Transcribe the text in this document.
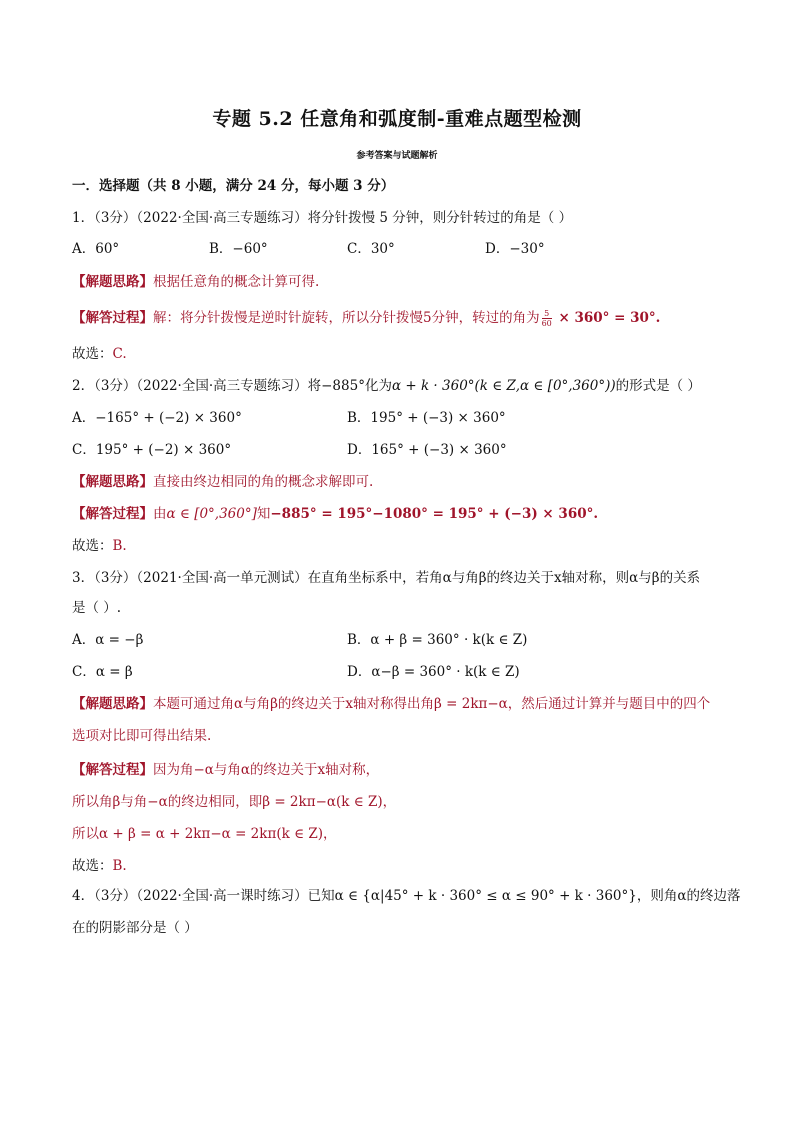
专题 5.2 任意角和弧度制-重难点题型检测
参考答案与试题解析
一．选择题（共 8 小题，满分 24 分，每小题 3 分）
1．（3分）（2022·全国·高三专题练习）将分针拨慢 5 分钟，则分针转过的角是（ ）
A．60°	B．−60°	C．30°	D．−30°
【解题思路】根据任意角的概念计算可得.
【解答过程】解：将分针拨慢是逆时针旋转，所以分针拨慢5分钟，转过的角为 $\frac{5}{60} \times 360^\circ = 30^\circ$.
故选：C.
2．（3分）（2022·全国·高三专题练习）将−885°化为α + k · 360°(k ∈ Z,α ∈ [0°,360°))的形式是（ ）
A．−165° + (−2) × 360°	B．195° + (−3) × 360°
C．195° + (−2) × 360°	D．165° + (−3) × 360°
【解题思路】直接由终边相同的角的概念求解即可.
【解答过程】由α ∈ [0°,360°]知−885° = 195°−1080° = 195° + (−3) × 360°.
故选：B.
3．（3分）（2021·全国·高一单元测试）在直角坐标系中，若角α与角β的终边关于x轴对称，则α与β的关系
是（ ）.
A．α = −β	B．α + β = 360° · k(k ∈ Z)
C．α = β	D．α−β = 360° · k(k ∈ Z)
【解题思路】本题可通过角α与角β的终边关于x轴对称得出角β = 2kπ−α，然后通过计算并与题目中的四个
选项对比即可得出结果.
【解答过程】因为角−α与角α的终边关于x轴对称，
所以角β与角−α的终边相同，即β = 2kπ−α(k ∈ Z)，
所以α + β = α + 2kπ−α = 2kπ(k ∈ Z)，
故选：B.
4．（3分）（2022·全国·高一课时练习）已知α ∈ {α|45° + k · 360° ≤ α ≤ 90° + k · 360°}，则角α的终边落
在的阴影部分是（ ）
